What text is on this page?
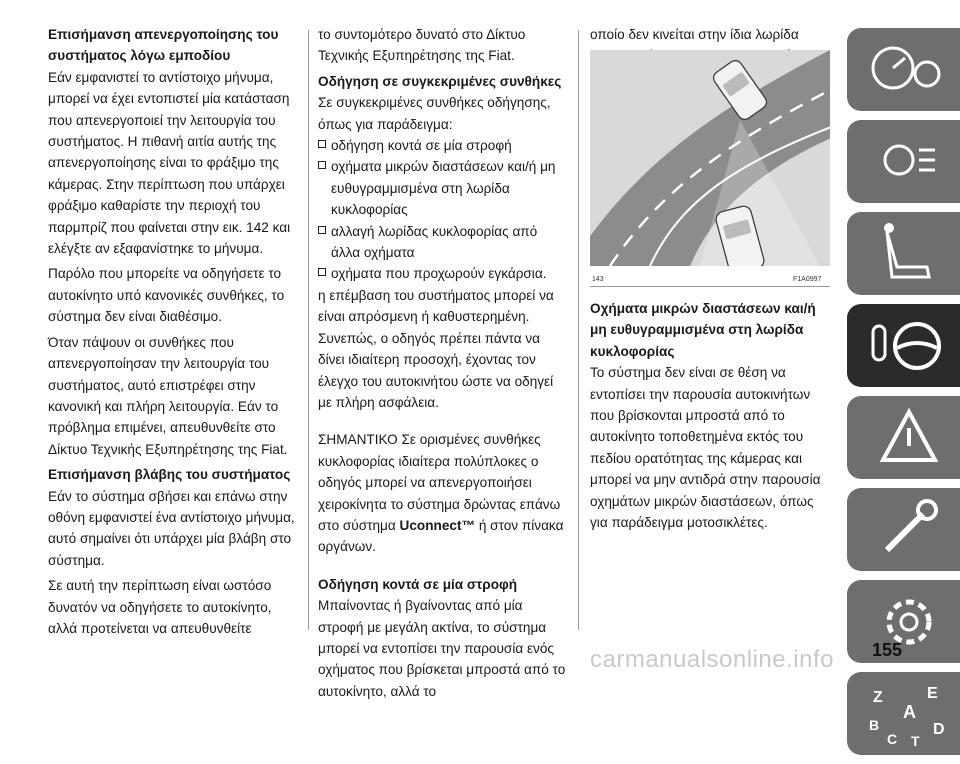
Επισήμανση απενεργοποίησης του συστήματος λόγω εμποδίου

Εάν εμφανιστεί το αντίστοιχο μήνυμα, μπορεί να έχει εντοπιστεί μία κατάσταση που απενεργοποιεί την λειτουργία του συστήματος. Η πιθανή αιτία αυτής της απενεργοποίησης είναι το φράξιμο της κάμερας. Στην περίπτωση που υπάρχει φράξιμο καθαρίστε την περιοχή του παρμπρίζ που φαίνεται στην εικ. 142 και ελέγξτε αν εξαφανίστηκε το μήνυμα.

Παρόλο που μπορείτε να οδηγήσετε το αυτοκίνητο υπό κανονικές συνθήκες, το σύστημα δεν είναι διαθέσιμο.

Όταν πάψουν οι συνθήκες που απενεργοποίησαν την λειτουργία του συστήματος, αυτό επιστρέφει στην κανονική και πλήρη λειτουργία. Εάν το πρόβλημα επιμένει, απευθυνθείτε στο Δίκτυο Τεχνικής Εξυπηρέτησης της Fiat.

Επισήμανση βλάβης του συστήματος

Εάν το σύστημα σβήσει και επάνω στην οθόνη εμφανιστεί ένα αντίστοιχο μήνυμα, αυτό σημαίνει ότι υπάρχει μία βλάβη στο σύστημα.

Σε αυτή την περίπτωση είναι ωστόσο δυνατόν να οδηγήσετε το αυτοκίνητο, αλλά προτείνεται να απευθυνθείτε

το συντομότερο δυνατό στο Δίκτυο Τεχνικής Εξυπηρέτησης της Fiat.

Οδήγηση σε συγκεκριμένες συνθήκες

Σε συγκεκριμένες συνθήκες οδήγησης, όπως για παράδειγμα:

οδήγηση κοντά σε μία στροφή
οχήματα μικρών διαστάσεων και/ή μη ευθυγραμμισμένα στη λωρίδα κυκλοφορίας
αλλαγή λωρίδας κυκλοφορίας από άλλα οχήματα
οχήματα που προχωρούν εγκάρσια.

η επέμβαση του συστήματος μπορεί να είναι απρόσμενη ή καθυστερημένη. Συνεπώς, ο οδηγός πρέπει πάντα να δίνει ιδιαίτερη προσοχή, έχοντας τον έλεγχο του αυτοκινήτου ώστε να οδηγεί με πλήρη ασφάλεια.

ΣΗΜΑΝΤΙΚΟ Σε ορισμένες συνθήκες κυκλοφορίας ιδιαίτερα πολύπλοκες ο οδηγός μπορεί να απενεργοποιήσει χειροκίνητα το σύστημα δρώντας επάνω στο σύστημα Uconnect™ ή στον πίνακα οργάνων.

Οδήγηση κοντά σε μία στροφή

Μπαίνοντας ή βγαίνοντας από μία στροφή με μεγάλη ακτίνα, το σύστημα μπορεί να εντοπίσει την παρουσία ενός οχήματος που βρίσκεται μπροστά από το αυτοκίνητο, αλλά το

οποίο δεν κινείται στην ίδια λωρίδα

143	F1A0997
Οχήματα μικρών διαστάσεων και/ή μη ευθυγραμμισμένα στη λωρίδα κυκλοφορίας

Το σύστημα δεν είναι σε θέση να εντοπίσει την παρουσία αυτοκινήτων που βρίσκονται μπροστά από το αυτοκίνητο τοποθετημένα εκτός του πεδίου ορατότητας της κάμερας και μπορεί να μην αντιδρά στην παρουσία οχημάτων μικρών διαστάσεων, όπως για παράδειγμα μοτοσικλέτες.

Z	E
A
B
C T
D
carmanualsonline.info 155
